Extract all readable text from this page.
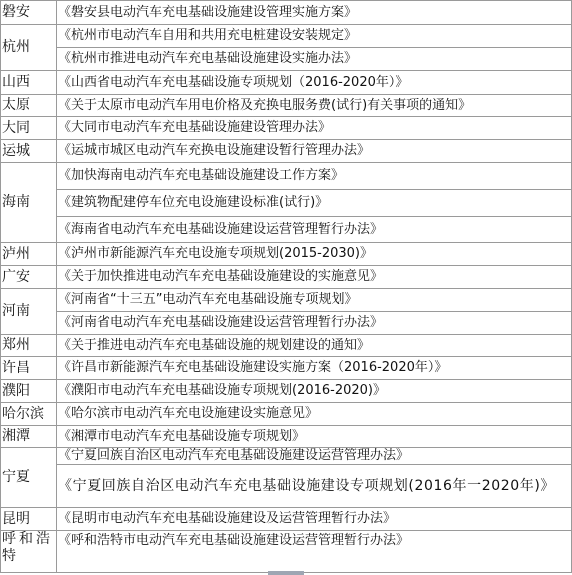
磐安	《磐安县电动汽车充电基础设施建设管理实施方案》
杭州	《杭州市电动汽车自用和共用充电桩建设安装规定》
	《杭州市推进电动汽车充电基础设施建设实施办法》
山西	《山西省电动汽车充电基础设施专项规划（2016-2020年）》
太原	《关于太原市电动汽车用电价格及充换电服务费(试行)有关事项的通知》
大同	《大同市电动汽车充电基础设施建设管理办法》
运城	《运城市城区电动汽车充换电设施建设暂行管理办法》
海南	《加快海南电动汽车充电基础设施建设工作方案》
	《建筑物配建停车位充电设施建设标准(试行)》
	《海南省电动汽车充电基础设施建设运营管理暂行办法》
泸州	《泸州市新能源汽车充电设施专项规划(2015-2030)》
广安	《关于加快推进电动汽车充电基础设施建设的实施意见》
河南	《河南省“十三五”电动汽车充电基础设施专项规划》
	《河南省电动汽车充电基础设施建设运营管理暂行办法》
郑州	《关于推进电动汽车充电基础设施的规划建设的通知》
许昌	《许昌市新能源汽车充电基础设施建设实施方案（2016-2020年）》
濮阳	《濮阳市电动汽车充电基础设施专项规划(2016-2020)》
哈尔滨	《哈尔滨市电动汽车充电设施建设实施意见》
湘潭	《湘潭市电动汽车充电基础设施专项规划》
宁夏	《宁夏回族自治区电动汽车充电基础设施建设运营管理办法》
	《宁夏回族自治区电动汽车充电基础设施建设专项规划(2016年一2020年)》
昆明	《昆明市电动汽车充电基础设施建设及运营管理暂行办法》
呼和浩特	《呼和浩特市电动汽车充电基础设施建设运营管理暂行办法》
